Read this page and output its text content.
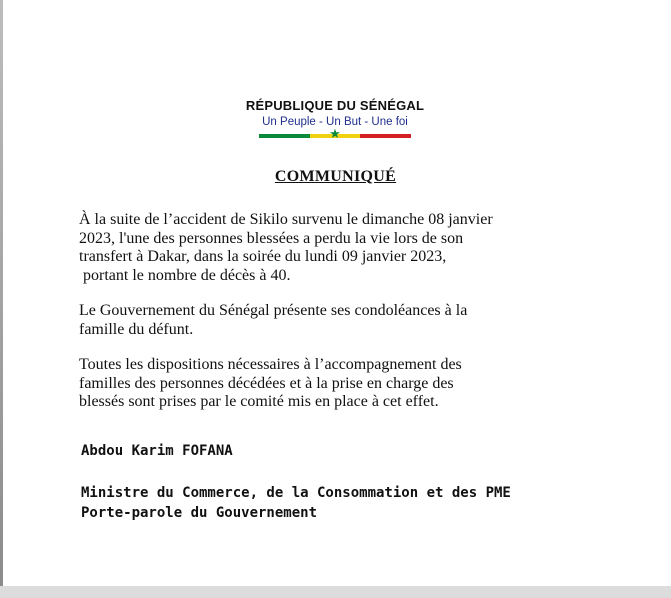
RÉPUBLIQUE DU SÉNÉGAL
Un Peuple - Un But - Une foi
★
COMMUNIQUÉ

À la suite de l’accident de Sikilo survenu le dimanche 08 janvier
2023, l'une des personnes blessées a perdu la vie lors de son
transfert à Dakar, dans la soirée du lundi 09 janvier 2023,
portant le nombre de décès à 40.

Le Gouvernement du Sénégal présente ses condoléances à la
famille du défunt.

Toutes les dispositions nécessaires à l’accompagnement des
familles des personnes décédées et à la prise en charge des
blessés sont prises par le comité mis en place à cet effet.

Abdou Karim FOFANA

Ministre du Commerce, de la Consommation et des PME
Porte-parole du Gouvernement
